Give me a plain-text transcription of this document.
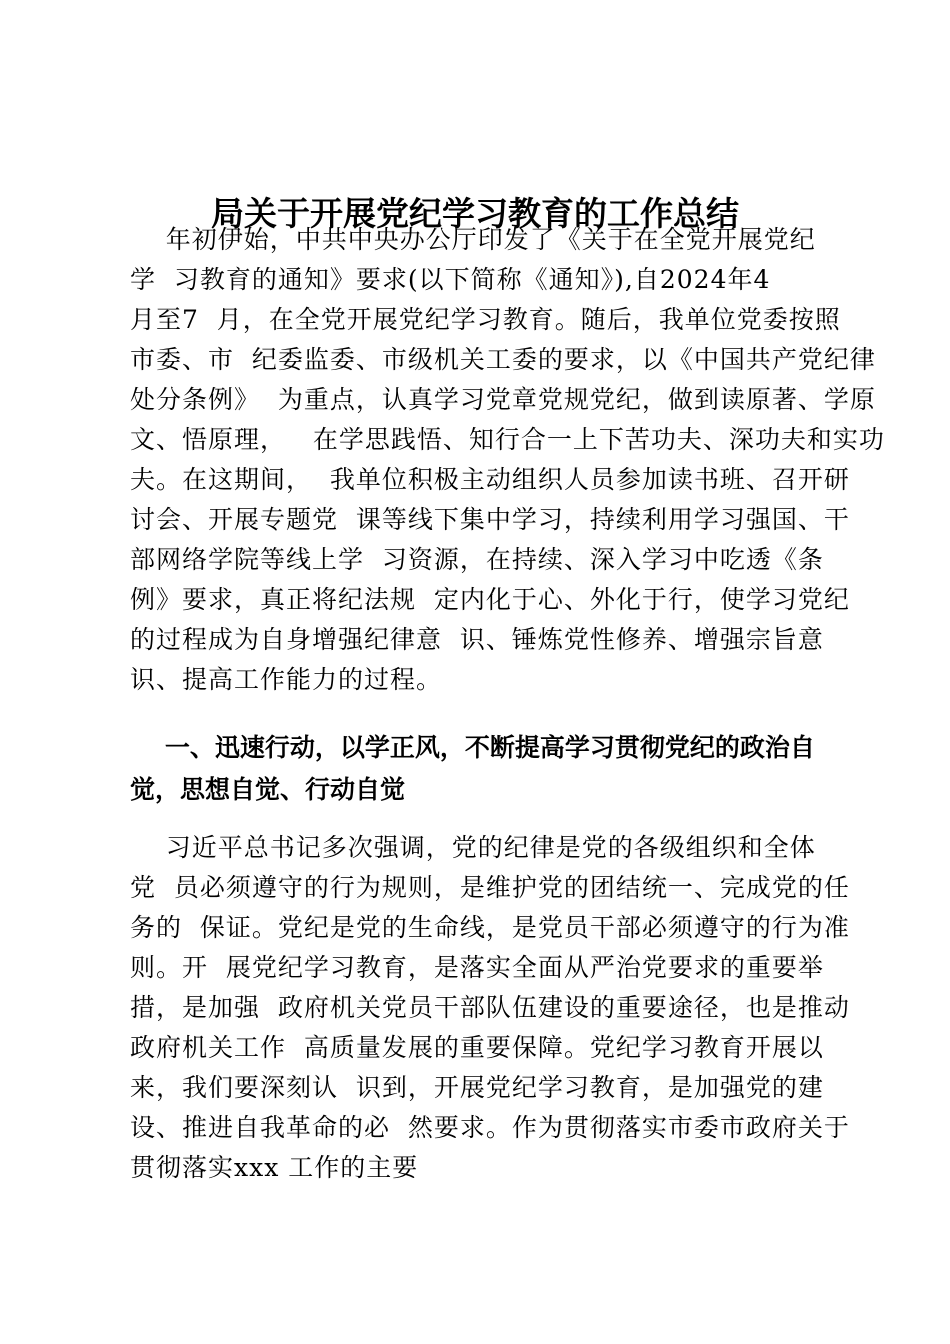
局关于开展党纪学习教育的工作总结
年初伊始，中共中央办公厅印发了《关于在全党开展党纪
学  习教育的通知》要求(以下简称《通知》),自2024年4
月至7  月，在全党开展党纪学习教育。随后，我单位党委按照
市委、市  纪委监委、市级机关工委的要求，以《中国共产党纪律
处分条例》  为重点，认真学习党章党规党纪，做到读原著、学原
文、悟原理，   在学思践悟、知行合一上下苦功夫、深功夫和实功
夫。在这期间，  我单位积极主动组织人员参加读书班、召开研
讨会、开展专题党  课等线下集中学习，持续利用学习强国、干
部网络学院等线上学  习资源，在持续、深入学习中吃透《条
例》要求，真正将纪法规  定内化于心、外化于行，使学习党纪
的过程成为自身增强纪律意  识、锤炼党性修养、增强宗旨意
识、提高工作能力的过程。
一、迅速行动，以学正风，不断提高学习贯彻党纪的政治自
觉，思想自觉、行动自觉
习近平总书记多次强调，党的纪律是党的各级组织和全体
党  员必须遵守的行为规则，是维护党的团结统一、完成党的任
务的  保证。党纪是党的生命线，是党员干部必须遵守的行为准
则。开  展党纪学习教育，是落实全面从严治党要求的重要举
措，是加强  政府机关党员干部队伍建设的重要途径，也是推动
政府机关工作  高质量发展的重要保障。党纪学习教育开展以
来，我们要深刻认  识到，开展党纪学习教育，是加强党的建
设、推进自我革命的必  然要求。作为贯彻落实市委市政府关于
贯彻落实xxx 工作的主要
